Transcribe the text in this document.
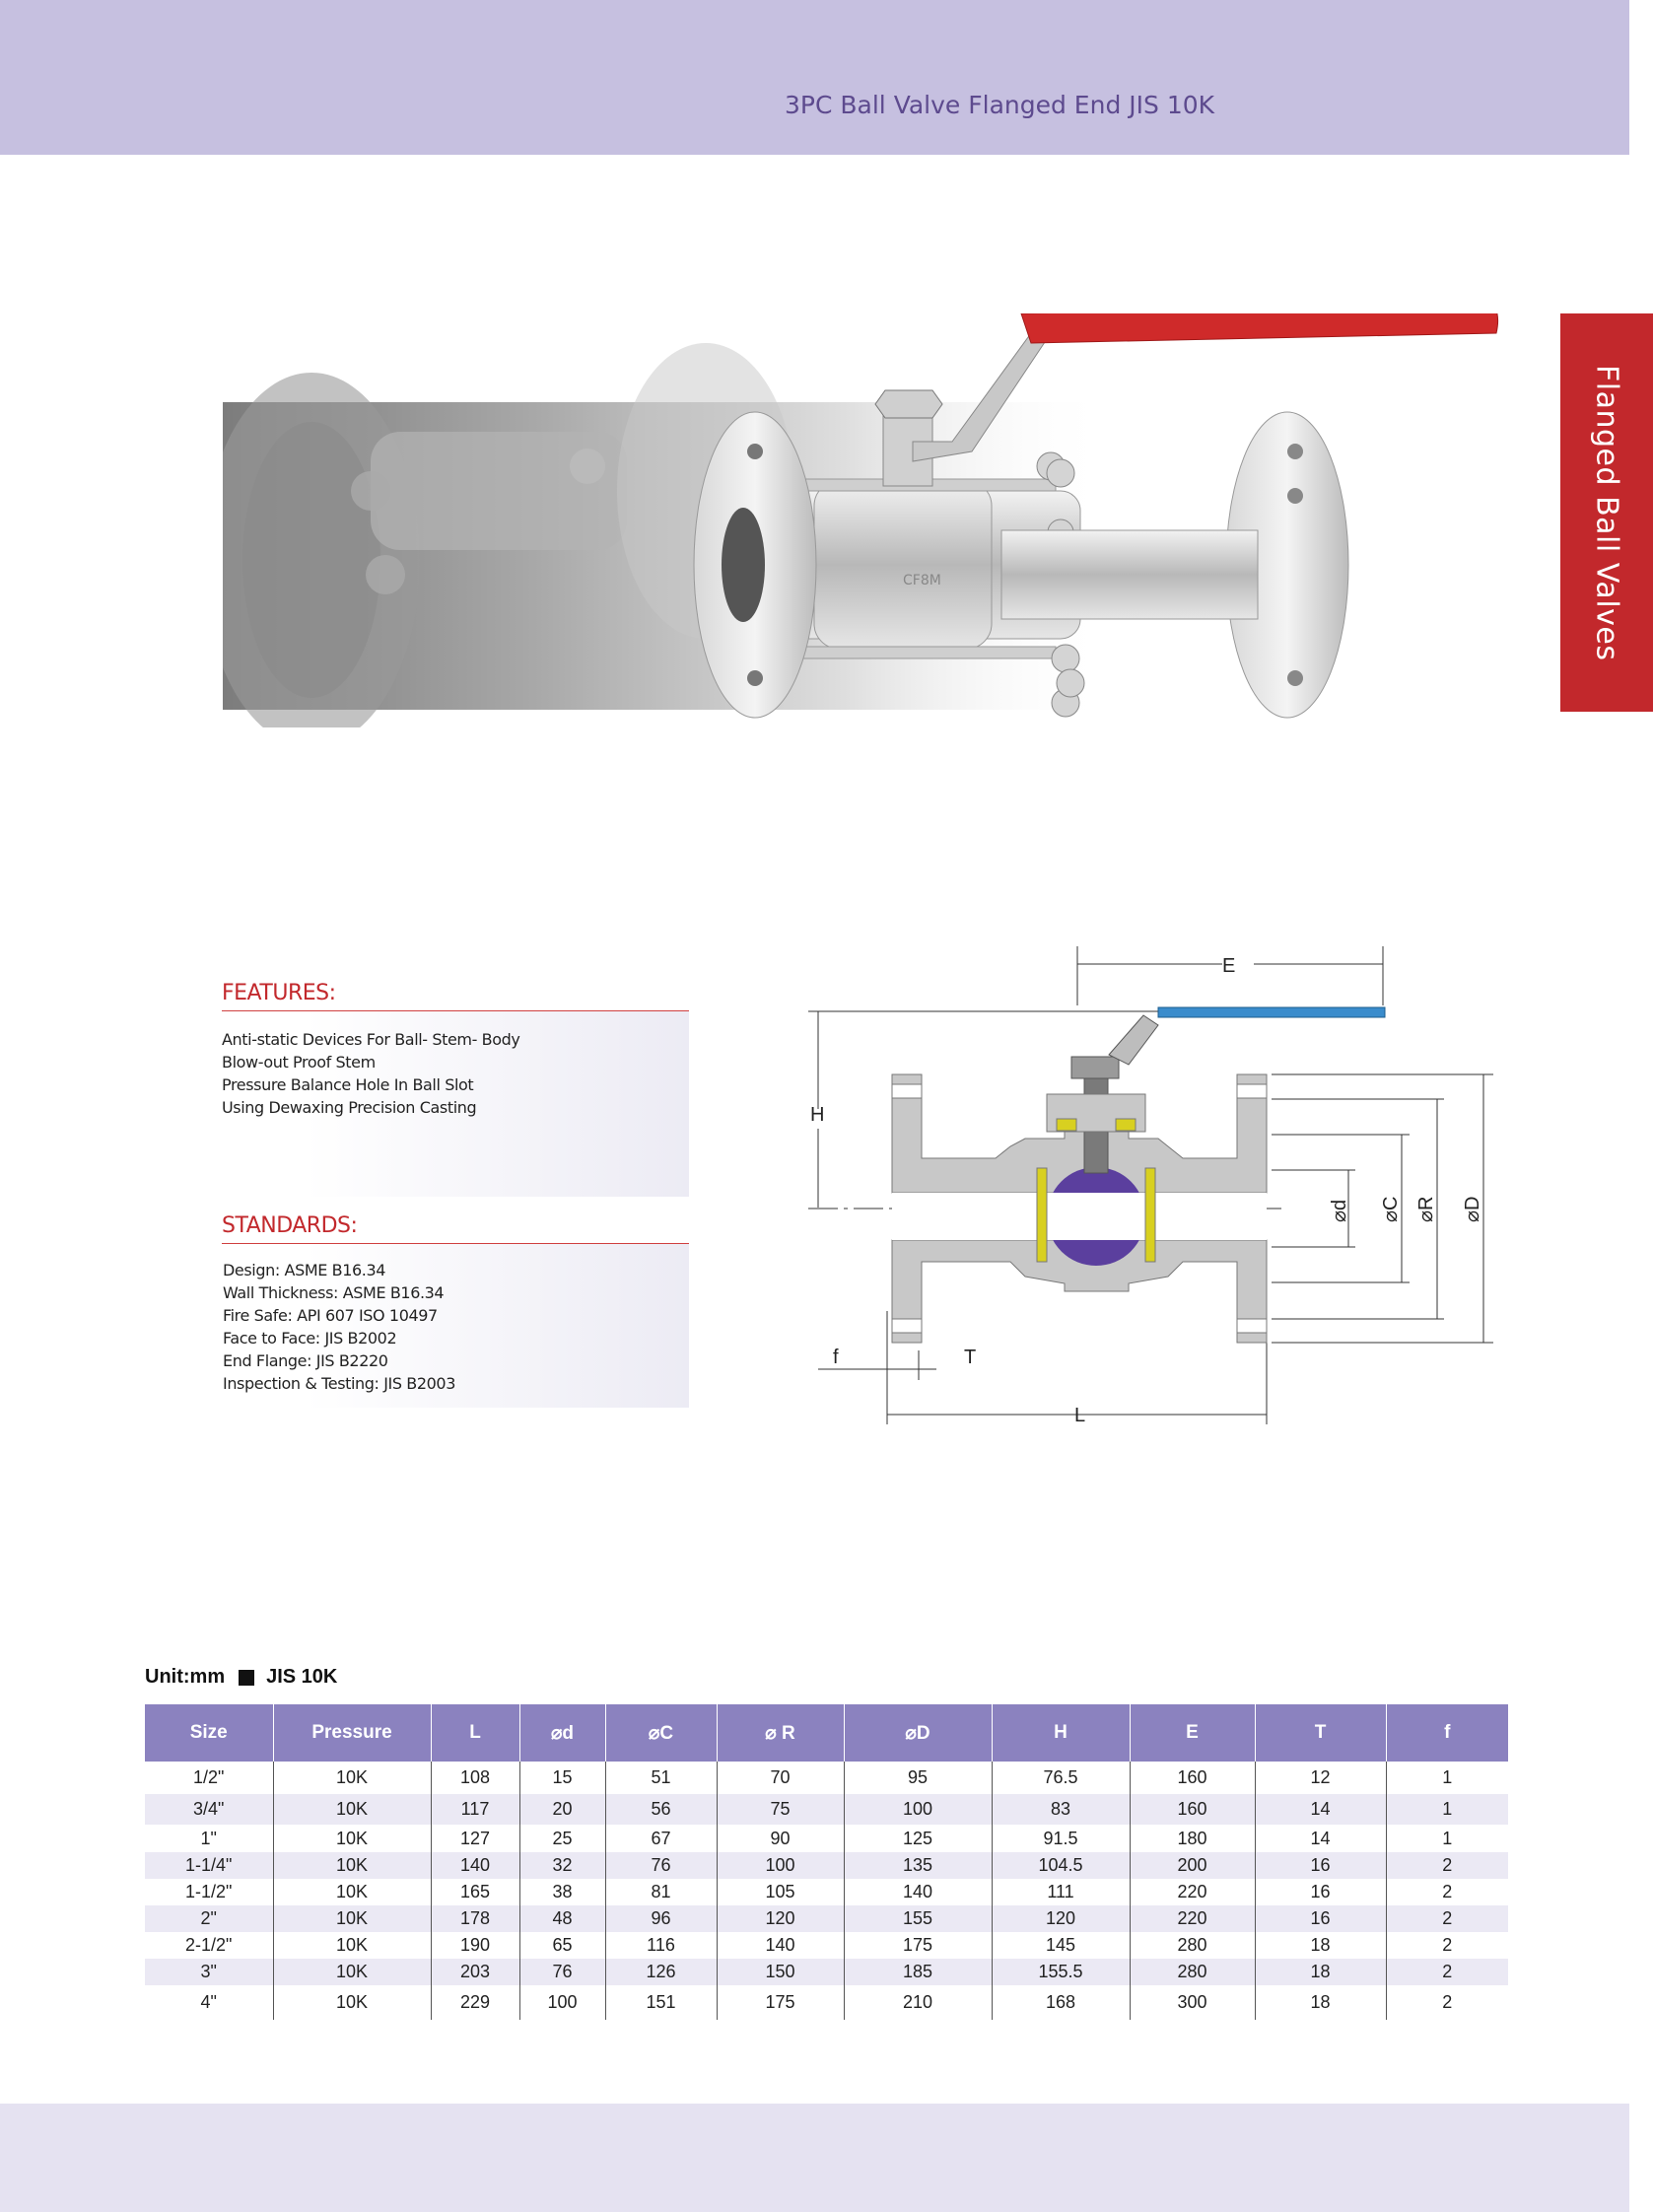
3PC Ball Valve Flanged End JIS 10K
Flanged Ball Valves
CF8M
FEATURES:
Anti-static Devices For Ball- Stem- Body
Blow-out Proof Stem
Pressure Balance Hole In Ball Slot
Using Dewaxing Precision Casting
STANDARDS:
Design: ASME B16.34
Wall Thickness: ASME B16.34
Fire Safe: API 607 ISO 10497
Face to Face: JIS B2002
End Flange: JIS B2220
Inspection & Testing: JIS B2003
E
H
⌀d ⌀C ⌀R ⌀D
f	T
L
Unit:mm JIS 10K
Size	Pressure	L	⌀d	⌀C	⌀ R	⌀D	H	E	T	f
1/2"	10K	108	15	51	70	95	76.5	160	12	1
3/4"	10K	117	20	56	75	100	83	160	14	1
1"	10K	127	25	67	90	125	91.5	180	14	1
1-1/4"	10K	140	32	76	100	135	104.5	200	16	2
1-1/2"	10K	165	38	81	105	140	111	220	16	2
2"	10K	178	48	96	120	155	120	220	16	2
2-1/2"	10K	190	65	116	140	175	145	280	18	2
3"	10K	203	76	126	150	185	155.5	280	18	2
4"	10K	229	100	151	175	210	168	300	18	2
